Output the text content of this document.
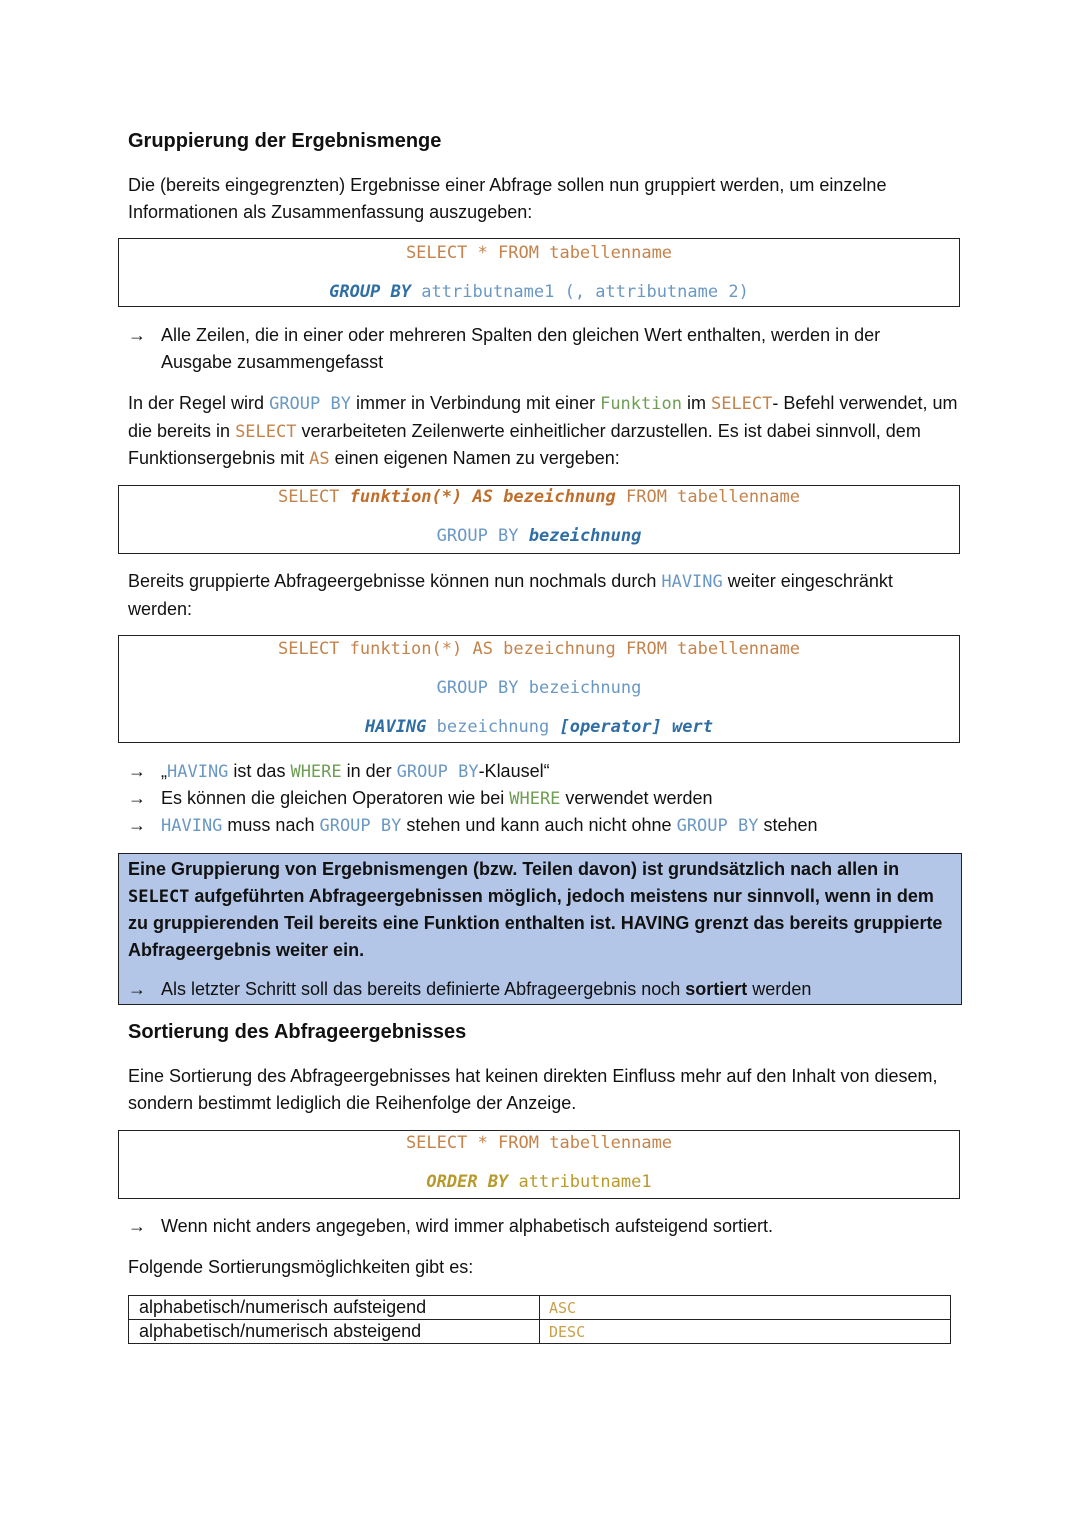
Gruppierung der Ergebnismenge
Die (bereits eingegrenzten) Ergebnisse einer Abfrage sollen nun gruppiert werden, um einzelne Informationen als Zusammenfassung auszugeben:
SELECT * FROM tabellenname
GROUP BY attributname1 (, attributname 2)
→ Alle Zeilen, die in einer oder mehreren Spalten den gleichen Wert enthalten, werden in der Ausgabe zusammengefasst
In der Regel wird GROUP BY immer in Verbindung mit einer Funktion im SELECT- Befehl verwendet, um die bereits in SELECT verarbeiteten Zeilenwerte einheitlicher darzustellen. Es ist dabei sinnvoll, dem Funktionsergebnis mit AS einen eigenen Namen zu vergeben:
SELECT funktion(*) AS bezeichnung FROM tabellenname
GROUP BY bezeichnung
Bereits gruppierte Abfrageergebnisse können nun nochmals durch HAVING weiter eingeschränkt werden:
SELECT funktion(*) AS bezeichnung FROM tabellenname
GROUP BY bezeichnung
HAVING bezeichnung [operator] wert
→ „HAVING ist das WHERE in der GROUP BY-Klausel“
→ Es können die gleichen Operatoren wie bei WHERE verwendet werden
→ HAVING muss nach GROUP BY stehen und kann auch nicht ohne GROUP BY stehen
Eine Gruppierung von Ergebnismengen (bzw. Teilen davon) ist grundsätzlich nach allen in SELECT aufgeführten Abfrageergebnissen möglich, jedoch meistens nur sinnvoll, wenn in dem zu gruppierenden Teil bereits eine Funktion enthalten ist. HAVING grenzt das bereits gruppierte Abfrageergebnis weiter ein.
→ Als letzter Schritt soll das bereits definierte Abfrageergebnis noch sortiert werden
Sortierung des Abfrageergebnisses
Eine Sortierung des Abfrageergebnisses hat keinen direkten Einfluss mehr auf den Inhalt von diesem, sondern bestimmt lediglich die Reihenfolge der Anzeige.
SELECT * FROM tabellenname
ORDER BY attributname1
→ Wenn nicht anders angegeben, wird immer alphabetisch aufsteigend sortiert.
Folgende Sortierungsmöglichkeiten gibt es:
alphabetisch/numerisch aufsteigend	ASC
alphabetisch/numerisch absteigend	DESC
